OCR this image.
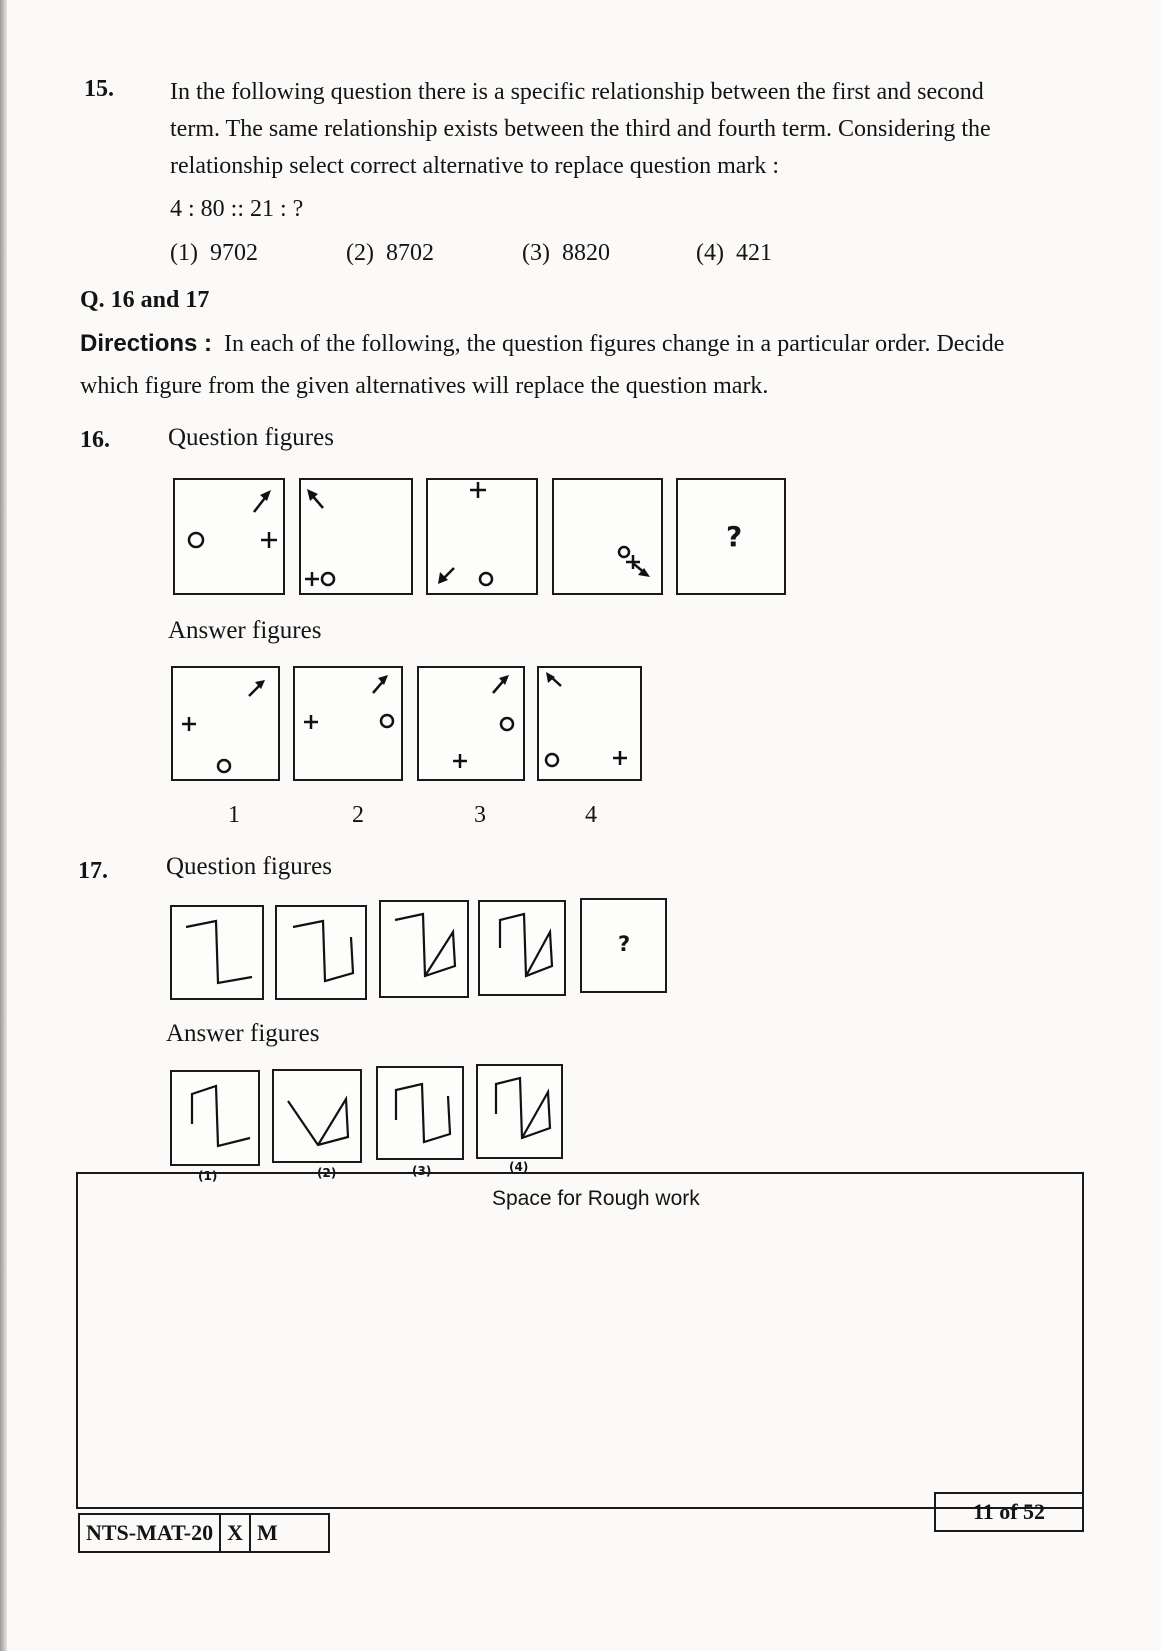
15. In the following question there is a specific relationship between the first and second
term. The same relationship exists between the third and fourth term. Considering the
relationship select correct alternative to replace question mark :
4 : 80 :: 21 : ?
(1) 9702	(2) 8702	(3) 8820	(4) 421
Q. 16 and 17
Directions : In each of the following, the question figures change in a particular order. Decide
which figure from the given alternatives will replace the question mark.
16. Question figures
?
Answer figures
1	2	3	4
17. Question figures
?
Answer figures
(1)	(2)	(3)	(4)
Space for Rough work
NTS-MAT-20 X M
11 of 52
